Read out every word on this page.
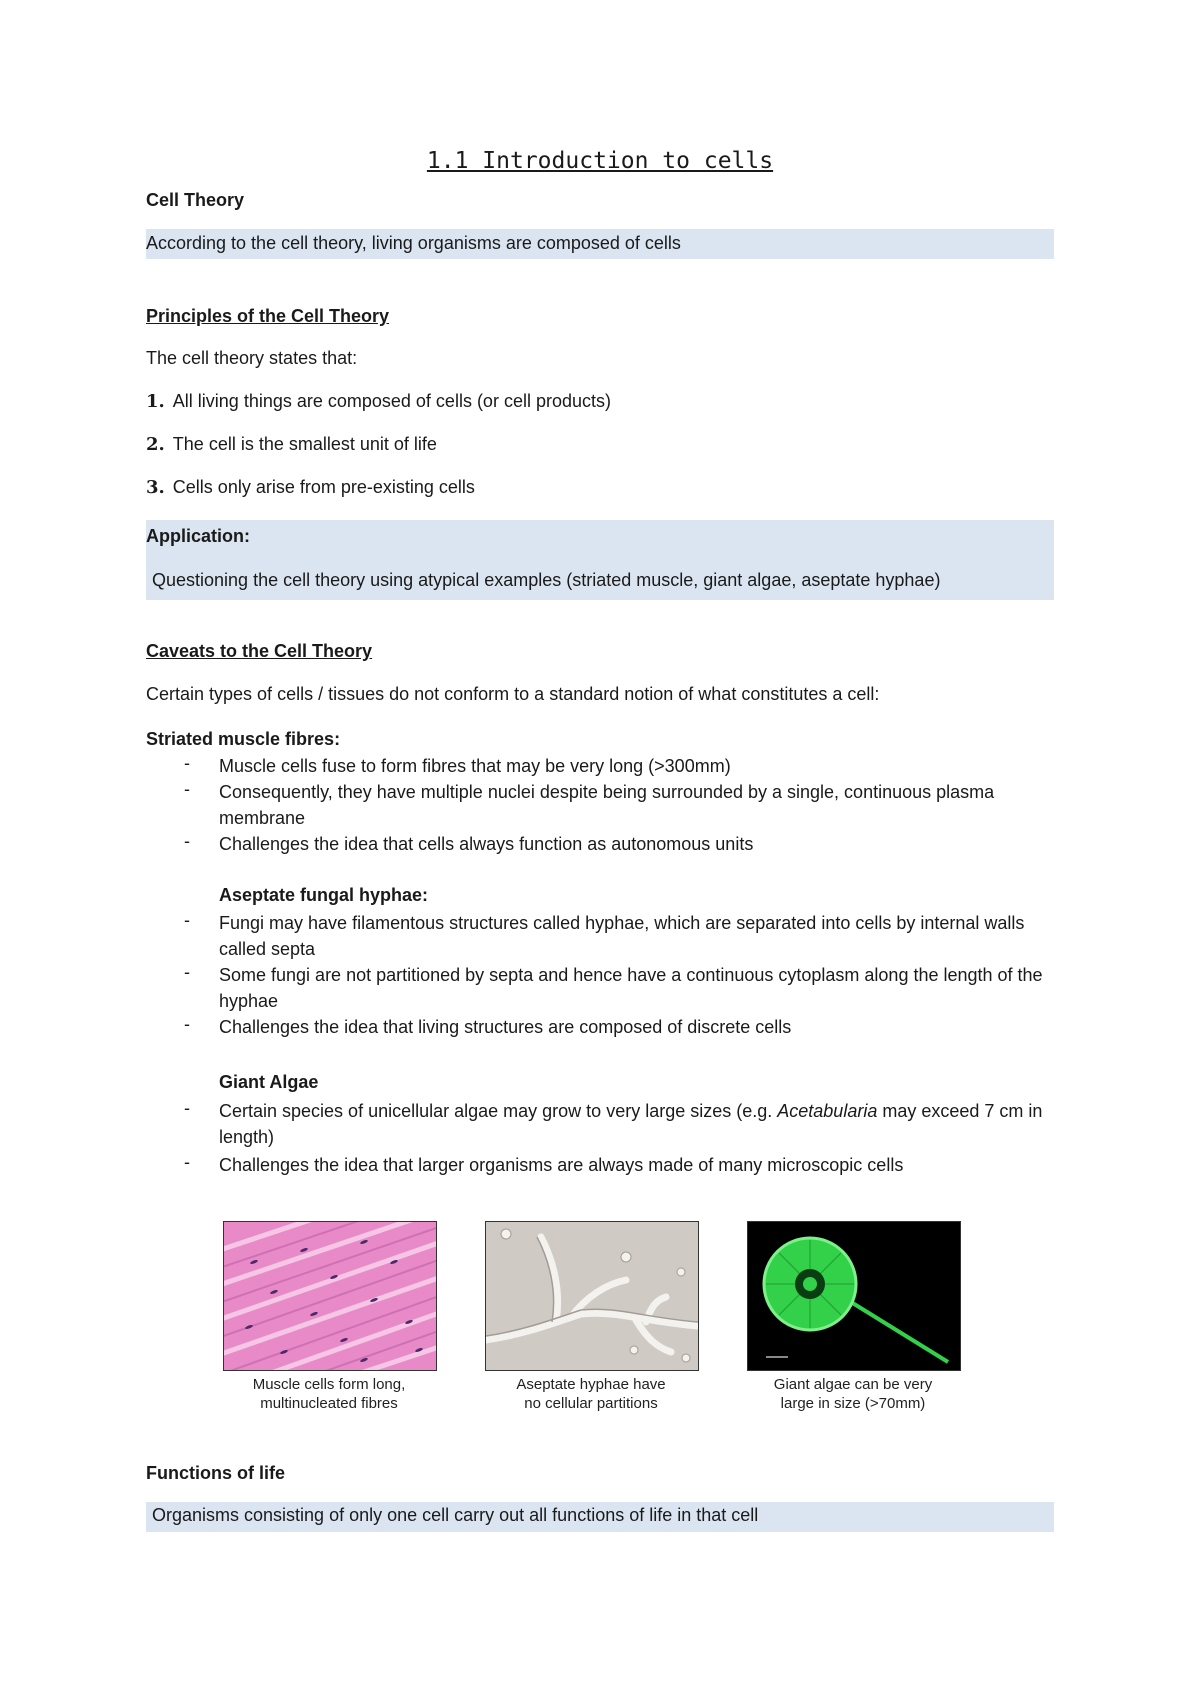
1.1 Introduction to cells
Cell Theory
According to the cell theory, living organisms are composed of cells
Principles of the Cell Theory
The cell theory states that:
1. All living things are composed of cells (or cell products)
2. The cell is the smallest unit of life
3. Cells only arise from pre-existing cells
Application:
Questioning the cell theory using atypical examples (striated muscle, giant algae, aseptate hyphae)
Caveats to the Cell Theory
Certain types of cells / tissues do not conform to a standard notion of what constitutes a cell:
Striated muscle fibres:
- Muscle cells fuse to form fibres that may be very long (>300mm)
- Consequently, they have multiple nuclei despite being surrounded by a single, continuous plasma membrane
- Challenges the idea that cells always function as autonomous units
Aseptate fungal hyphae:
- Fungi may have filamentous structures called hyphae, which are separated into cells by internal walls called septa
- Some fungi are not partitioned by septa and hence have a continuous cytoplasm along the length of the hyphae
- Challenges the idea that living structures are composed of discrete cells
Giant Algae
- Certain species of unicellular algae may grow to very large sizes (e.g. Acetabularia may exceed 7 cm in length)
- Challenges the idea that larger organisms are always made of many microscopic cells
Muscle cells form long,
multinucleated fibres
Aseptate hyphae have
no cellular partitions
Giant algae can be very
large in size (>70mm)
Functions of life
Organisms consisting of only one cell carry out all functions of life in that cell
